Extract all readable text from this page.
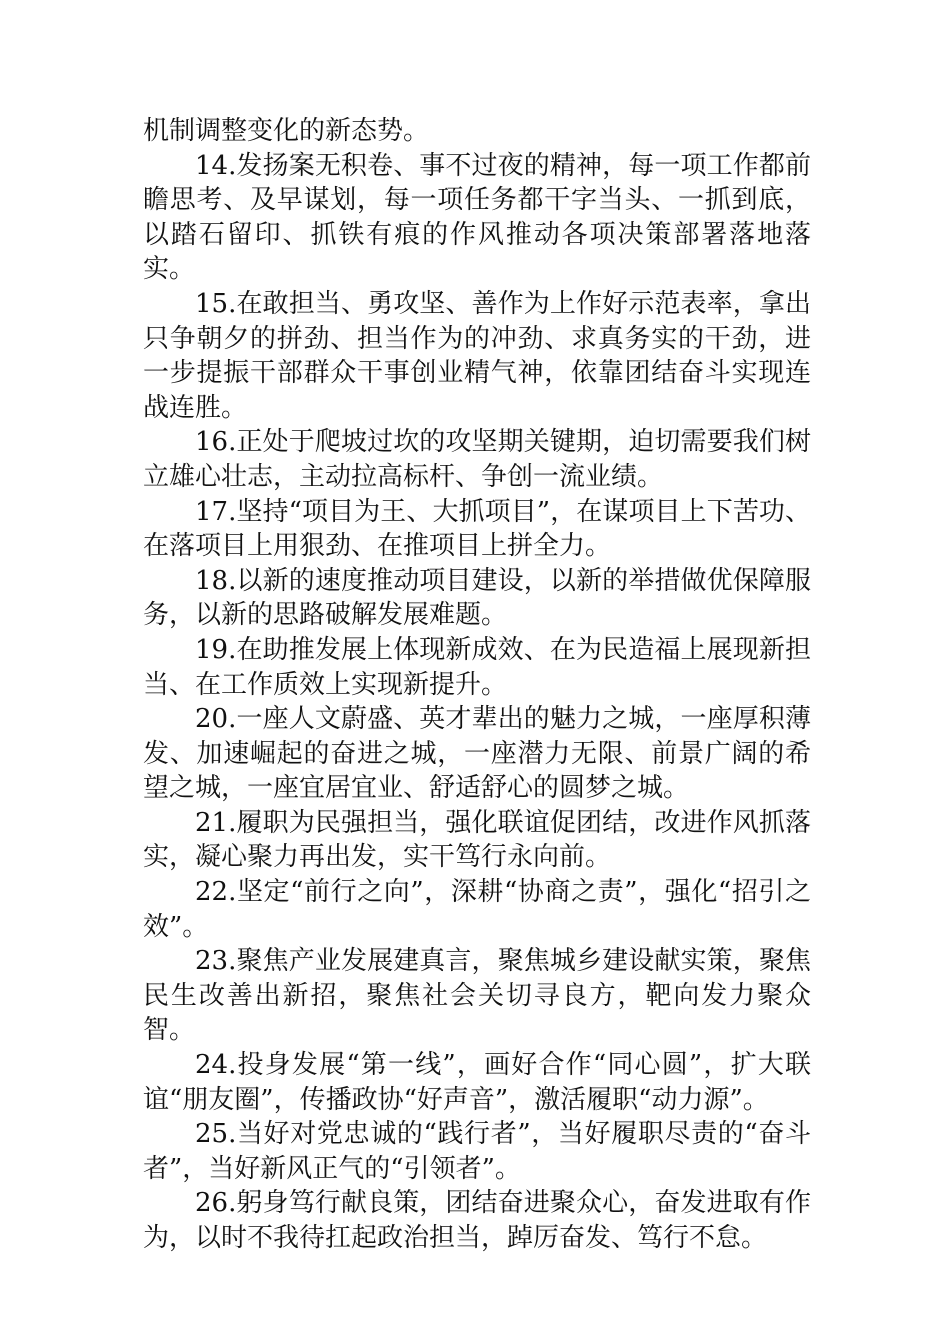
机制调整变化的新态势。

14.发扬案无积卷、事不过夜的精神，每一项工作都前瞻思考、及早谋划，每一项任务都干字当头、一抓到底，以踏石留印、抓铁有痕的作风推动各项决策部署落地落实。

15.在敢担当、勇攻坚、善作为上作好示范表率，拿出只争朝夕的拼劲、担当作为的冲劲、求真务实的干劲，进一步提振干部群众干事创业精气神，依靠团结奋斗实现连战连胜。

16.正处于爬坡过坎的攻坚期关键期，迫切需要我们树立雄心壮志，主动拉高标杆、争创一流业绩。

17.坚持“项目为王、大抓项目”，在谋项目上下苦功、在落项目上用狠劲、在推项目上拼全力。

18.以新的速度推动项目建设，以新的举措做优保障服务，以新的思路破解发展难题。

19.在助推发展上体现新成效、在为民造福上展现新担当、在工作质效上实现新提升。

20.一座人文蔚盛、英才辈出的魅力之城，一座厚积薄发、加速崛起的奋进之城，一座潜力无限、前景广阔的希望之城，一座宜居宜业、舒适舒心的圆梦之城。

21.履职为民强担当，强化联谊促团结，改进作风抓落实，凝心聚力再出发，实干笃行永向前。

22.坚定“前行之向”，深耕“协商之责”，强化“招引之效”。

23.聚焦产业发展建真言，聚焦城乡建设献实策，聚焦民生改善出新招，聚焦社会关切寻良方，靶向发力聚众智。

24.投身发展“第一线”，画好合作“同心圆”，扩大联谊“朋友圈”，传播政协“好声音”，激活履职“动力源”。

25.当好对党忠诚的“践行者”，当好履职尽责的“奋斗者”，当好新风正气的“引领者”。

26.躬身笃行献良策，团结奋进聚众心，奋发进取有作为，以时不我待扛起政治担当，踔厉奋发、笃行不怠。
